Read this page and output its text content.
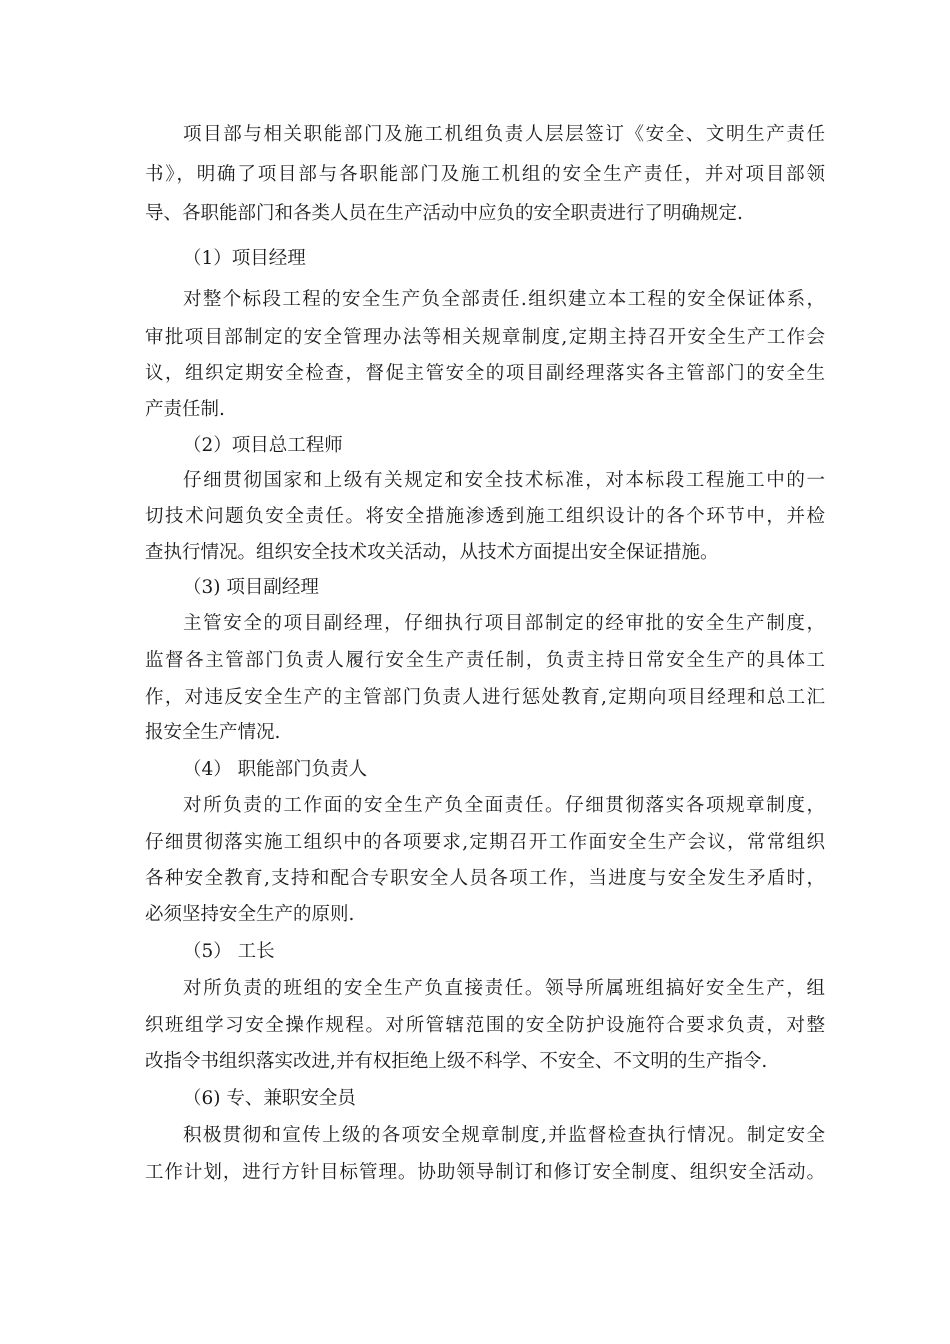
项目部与相关职能部门及施工机组负责人层层签订《安全、文明生产责任
书》，明确了项目部与各职能部门及施工机组的安全生产责任，并对项目部领
导、各职能部门和各类人员在生产活动中应负的安全职责进行了明确规定.
（1）项目经理
对整个标段工程的安全生产负全部责任.组织建立本工程的安全保证体系，
审批项目部制定的安全管理办法等相关规章制度,定期主持召开安全生产工作会
议，组织定期安全检查，督促主管安全的项目副经理落实各主管部门的安全生
产责任制.
（2）项目总工程师
仔细贯彻国家和上级有关规定和安全技术标准，对本标段工程施工中的一
切技术问题负安全责任。将安全措施渗透到施工组织设计的各个环节中，并检
查执行情况。组织安全技术攻关活动，从技术方面提出安全保证措施。
（3) 项目副经理
主管安全的项目副经理，仔细执行项目部制定的经审批的安全生产制度，
监督各主管部门负责人履行安全生产责任制，负责主持日常安全生产的具体工
作，对违反安全生产的主管部门负责人进行惩处教育,定期向项目经理和总工汇
报安全生产情况.
（4） 职能部门负责人
对所负责的工作面的安全生产负全面责任。仔细贯彻落实各项规章制度，
仔细贯彻落实施工组织中的各项要求,定期召开工作面安全生产会议，常常组织
各种安全教育,支持和配合专职安全人员各项工作，当进度与安全发生矛盾时，
必须坚持安全生产的原则.
（5） 工长
对所负责的班组的安全生产负直接责任。领导所属班组搞好安全生产，组
织班组学习安全操作规程。对所管辖范围的安全防护设施符合要求负责，对整
改指令书组织落实改进,并有权拒绝上级不科学、不安全、不文明的生产指令.
（6) 专、兼职安全员
积极贯彻和宣传上级的各项安全规章制度,并监督检查执行情况。制定安全
工作计划，进行方针目标管理。协助领导制订和修订安全制度、组织安全活动。
